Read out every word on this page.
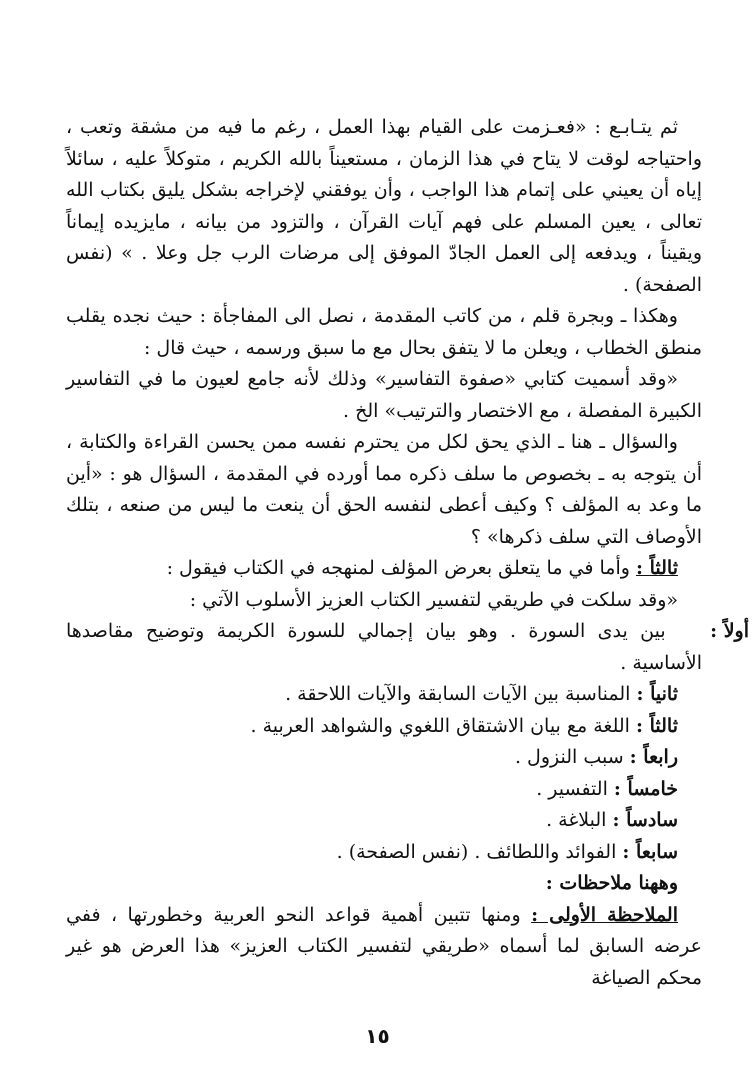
ثم يتـابـع : «فعـزمت على القيام بهذا العمل ، رغم ما فيه من مشقة وتعب ، واحتياجه لوقت لا يتاح في هذا الزمان ، مستعيناً بالله الكريم ، متوكلاً عليه ، سائلاً إياه أن يعيني على إتمام هذا الواجب ، وأن يوفقني لإخراجه بشكل يليق بكتاب الله تعالى ، يعين المسلم على فهم آيات القرآن ، والتزود من بيانه ، مايزيده إيماناً ويقيناً ، ويدفعه إلى العمل الجادّ الموفق إلى مرضات الرب جل وعلا . » (نفس الصفحة) .

وهكذا ـ وبجرة قلم ، من كاتب المقدمة ، نصل الى المفاجأة : حيث نجده يقلب منطق الخطاب ، ويعلن ما لا يتفق بحال مع ما سبق ورسمه ، حيث قال :

«وقد أسميت كتابي «صفوة التفاسير» وذلك لأنه جامع لعيون ما في التفاسير الكبيرة المفصلة ، مع الاختصار والترتيب» الخ .

والسؤال ـ هنا ـ الذي يحق لكل من يحترم نفسه ممن يحسن القراءة والكتابة ، أن يتوجه به ـ بخصوص ما سلف ذكره مما أورده في المقدمة ، السؤال هو : «أين ما وعد به المؤلف ؟ وكيف أعطى لنفسه الحق أن ينعت ما ليس من صنعه ، بتلك الأوصاف التي سلف ذكرها» ؟

ثالثاً : وأما في ما يتعلق بعرض المؤلف لمنهجه في الكتاب فيقول :

«وقد سلكت في طريقي لتفسير الكتاب العزيز الأسلوب الآتي :

أولاً : بين يدى السورة . وهو بيان إجمالي للسورة الكريمة وتوضيح مقاصدها الأساسية .

ثانياً : المناسبة بين الآيات السابقة والآيات اللاحقة .

ثالثاً : اللغة مع بيان الاشتقاق اللغوي والشواهد العربية .

رابعاً : سبب النزول .

خامساً : التفسير .

سادساً : البلاغة .

سابعاً : الفوائد واللطائف . (نفس الصفحة) .

وههنا ملاحظات :

الملاحظة الأولى : ومنها تتبين أهمية قواعد النحو العربية وخطورتها ، ففي عرضه السابق لما أسماه «طريقي لتفسير الكتاب العزيز» هذا العرض هو غير محكم الصياغة

١٥
